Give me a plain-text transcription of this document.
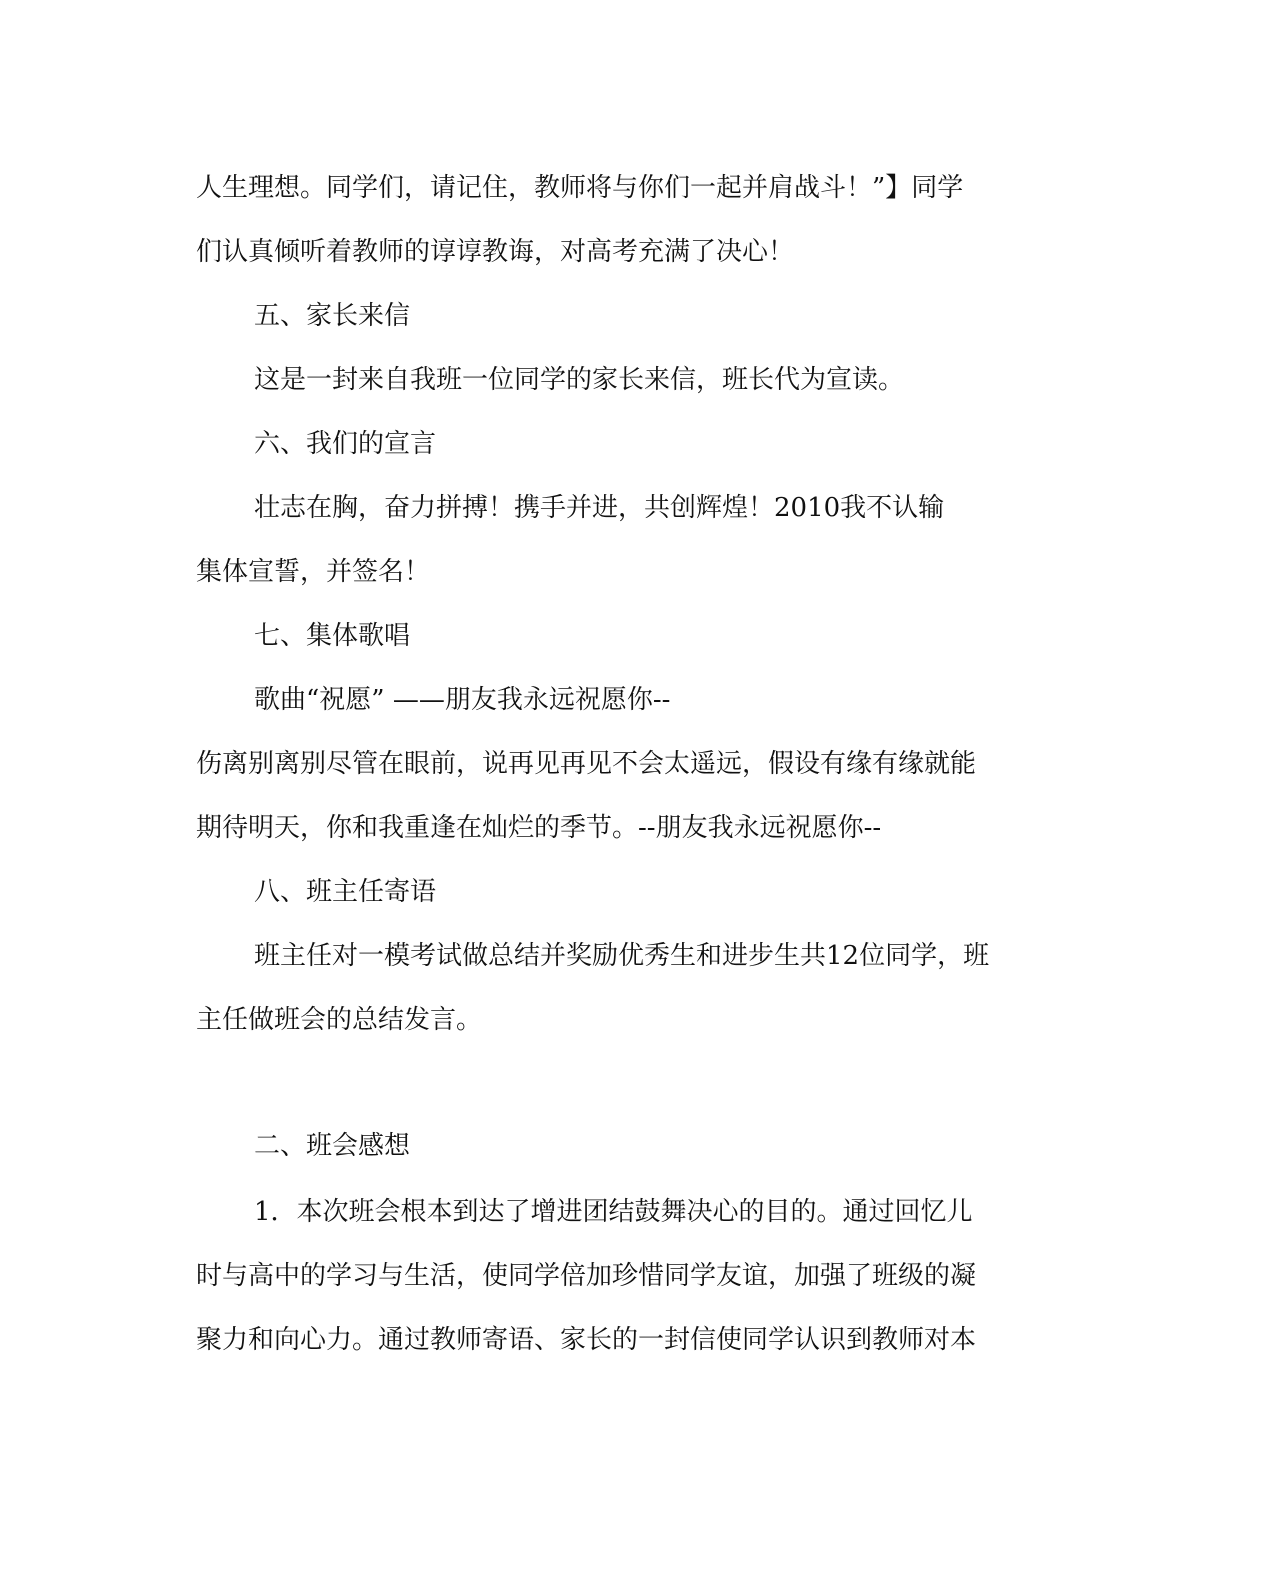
人生理想。同学们，请记住，教师将与你们一起并肩战斗！”】同学
们认真倾听着教师的谆谆教诲，对高考充满了决心！
五、家长来信
这是一封来自我班一位同学的家长来信，班长代为宣读。
六、我们的宣言
壮志在胸，奋力拼搏！携手并进，共创辉煌！2010我不认输
集体宣誓，并签名！
七、集体歌唱
歌曲“祝愿” ——朋友我永远祝愿你--
伤离别离别尽管在眼前，说再见再见不会太遥远，假设有缘有缘就能
期待明天，你和我重逢在灿烂的季节。--朋友我永远祝愿你--
八、班主任寄语
班主任对一模考试做总结并奖励优秀生和进步生共12位同学，班
主任做班会的总结发言。
二、班会感想
1．本次班会根本到达了增进团结鼓舞决心的目的。通过回忆儿
时与高中的学习与生活，使同学倍加珍惜同学友谊，加强了班级的凝
聚力和向心力。通过教师寄语、家长的一封信使同学认识到教师对本
